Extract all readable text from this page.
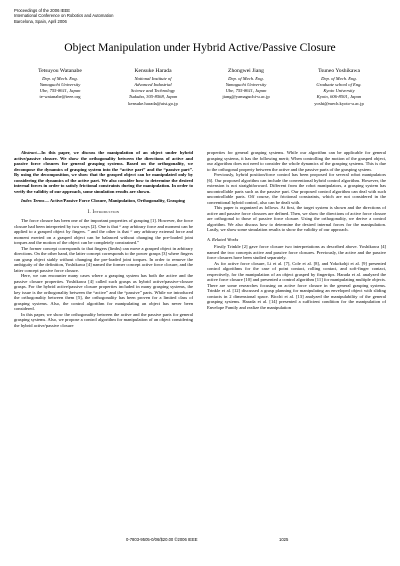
Proceedings of the 2006 IEEE
International Conference on Robotics and Automation
Barcelona, Spain, April 2006
Object Manipulation under Hybrid Active/Passive Closure
Tetsuyou Watanabe
Dep. of Mech. Eng.
Yamaguchi University
Ube, 755-8611, Japan
te-watanabe@ieee.org
Kensuke Harada
National Institute of
Advanced Industrial
Science and Technology
Tsukuba, 305-8568, Japan
kensuke.harada@aist.go.jp
Zhongwei Jiang
Dep. of Mech. Eng.
Yamaguchi University
Ube, 755-8611, Japan
jiang@yamaguchi-u.ac.jp
Tsuneo Yoshikawa
Dep. of Mech. Eng.
Graduate school of Eng.
Kyoto University
Kyoto, 606-8501, Japan
yoshi@mech.kyoto-u.ac.jp

Abstract—In this paper, we discuss the manipulation of an object under hybrid active/passive closure. We show the orthogonality between the directions of active and passive force closures for general grasping systems. Based on the orthogonality, we decompose the dynamics of grasping system into the “active part” and the “passive part”. By using the decomposition, we show that the grasped object can be manipulated only by considering the dynamics of the active part. We also consider how to determine the desired internal forces in order to satisfy frictional constraints during the manipulation. In order to verify the validity of our approach, some simulation results are shown.

Index Terms— Active/Passive Force Closure, Manipulation, Orthogonality, Grasping

I. Introduction

The force closure has been one of the important properties of grasping [1]. However, the force closure had been interpreted by two ways [2]. One is that “ any arbitrary force and moment can be applied to a grasped object by fingers. ” and the other is that “ any arbitrary external force and moment exerted on a grasped object can be balanced without changing the pre-loaded joint torques and the motion of the object can be completely constrained.”

The former concept corresponds to that fingers (limbs) can move a grasped object in arbitrary directions. On the other hand, the latter concept corresponds to the power grasps [3] where fingers can grasp object stably without changing the pre-loaded joint torques. In order to remove the ambiguity of the definition, Yoshikawa [4] named the former concept active force closure, and the latter concept passive force closure.

Here, we can encounter many cases where a grasping system has both the active and the passive closure properties. Yoshikawa [4] called such grasps as hybrid active/passive-closure grasps. For the hybrid active/passive closure properties included in many grasping systems, the key issue is the orthogonality between the “active” and the “passive” parts. While we introduced the orthogonality between them [5], the orthogonality has been proven for a limited class of grasping systems. Also, the control algorithm for manipulating an object has never been considered.

In this paper, we show the orthogonality between the active and the passive parts for general grasping systems. Also, we propose a control algorithm for manipulation of an object considering the hybrid active/passive closure

properties for general grasping systems. While our algorithm can be applicable for general grasping systems, it has the following merit; When controlling the motion of the grasped object, our algorithm does not need to consider the whole dynamics of the grasping systems. This is due to the orthogonal property between the active and the passive parts of the grasping system.

Previously, hybrid position/force control has been proposed for several robot manipulators [6]. Our proposed algorithm can include the conventional hybrid control algorithm. However, the extension is not straightforward. Different from the robot manipulators, a grasping system has uncontrollable parts such as the passive part. Our proposed control algorithm can deal with such uncontrollable parts. Off course, the frictional constraints, which are not considered in the conventional hybrid control, also can be dealt with.

This paper is organized as follows. At first, the target system is shown and the directions of active and passive force closures are defined. Then, we show the directions of active force closure are orthogonal to those of passive force closure. Using the orthogonality, we derive a control algorithm. We also discuss how to determine the desired internal forces for the manipulation. Lastly, we show some simulation results to show the validity of our approach.

A. Related Works

Firstly Trinkle [2] gave force closure two interpretations as described above. Yoshikawa [4] named the two concepts active and passive force closures. Previously, the active and the passive force closures have been studied separately.

As for active force closure, Li et al. [7], Cole et al. [8], and Yokokohji et al. [9] presented control algorithms for the case of point contact, rolling contact, and soft-finger contact, respectively, for the manipulation of an object grasped by fingertips. Harada et al. analyzed the active force closure [10] and presented a control algorithm [11] for manipulating multiple objects. There are some researches focusing on active force closure in the general grasping systems. Trinkle et al. [12] discussed a grasp planning for manipulating an enveloped object with sliding contacts in 2 dimensional space. Bicchi et al. [13] analyzed the manipulability of the general grasping systems. Harada et al. [14] presented a sufficient condition for the manipulation of Envelope Family and realize the manipulation

0-7803-9505-0/06/$20.00 ©2006 IEEE	1025
